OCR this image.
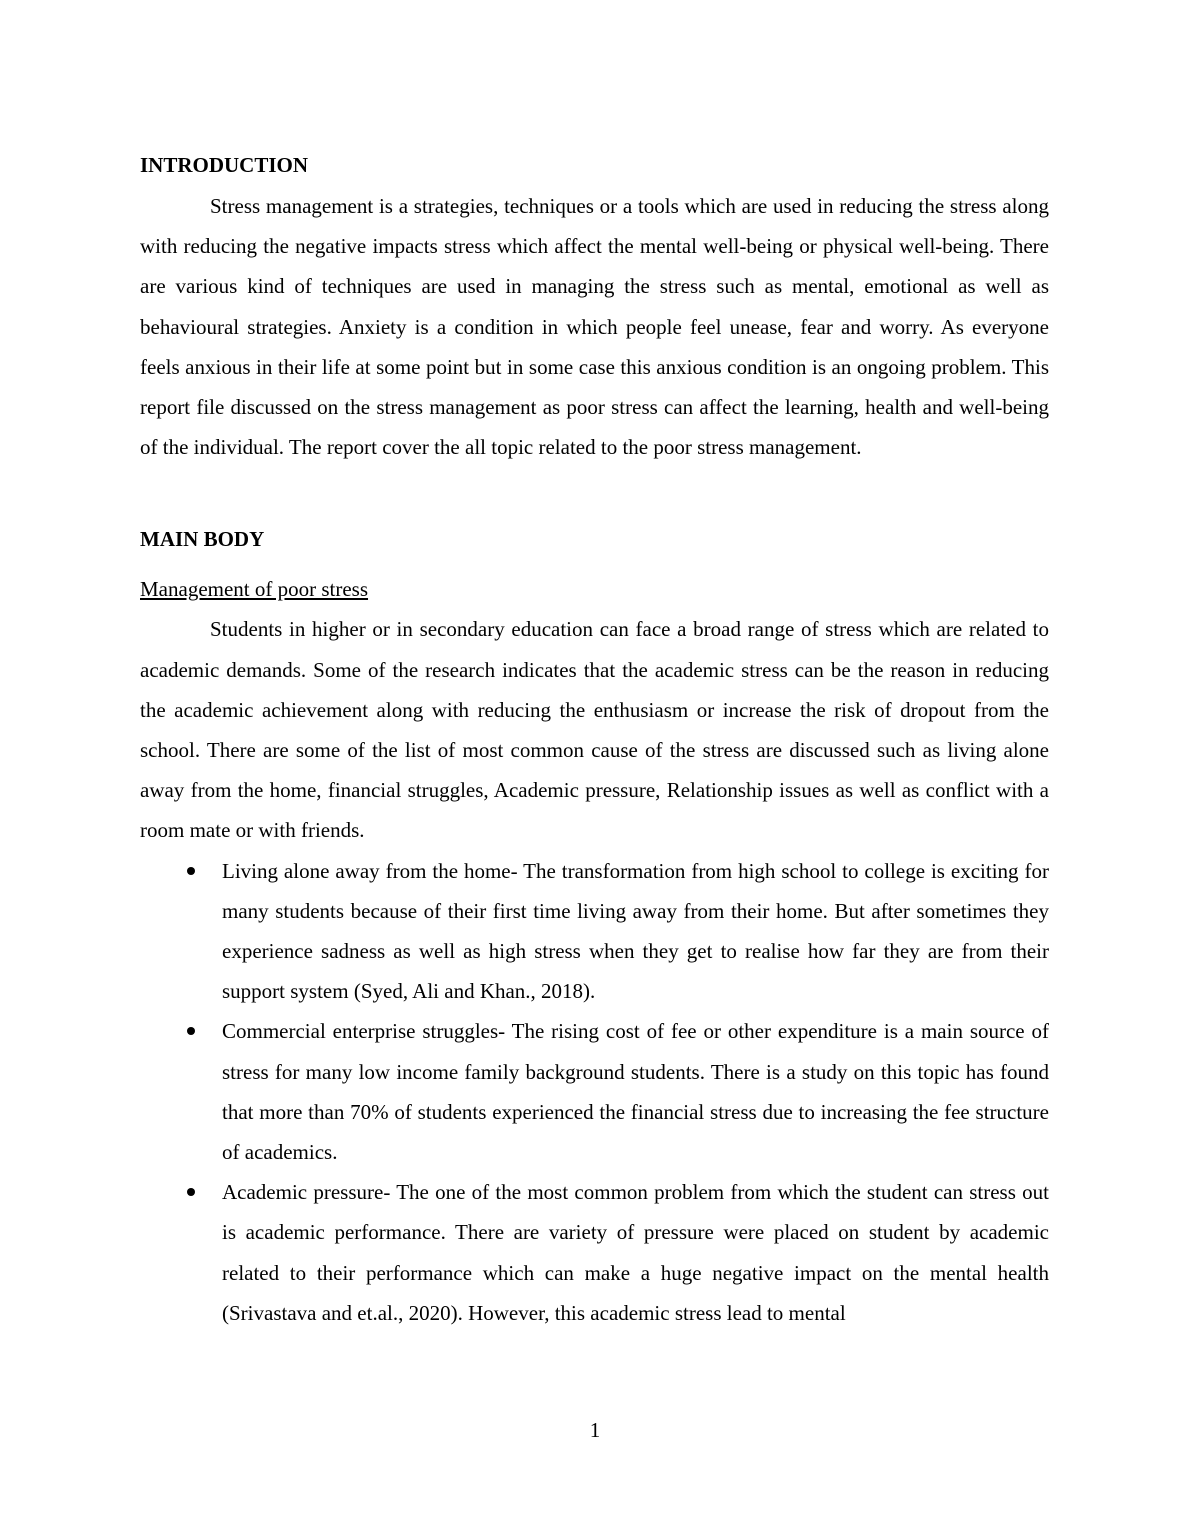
INTRODUCTION

Stress management is a strategies, techniques or a tools which are used in reducing the stress along with reducing the negative impacts stress which affect the mental well-being or physical well-being. There are various kind of techniques are used in managing the stress such as mental, emotional as well as behavioural strategies. Anxiety is a condition in which people feel unease, fear and worry. As everyone feels anxious in their life at some point but in some case this anxious condition is an ongoing problem. This report file discussed on the stress management as poor stress can affect the learning, health and well-being of the individual. The report cover the all topic related to the poor stress management.

MAIN BODY

Management of poor stress

Students in higher or in secondary education can face a broad range of stress which are related to academic demands. Some of the research indicates that the academic stress can be the reason in reducing the academic achievement along with reducing the enthusiasm or increase the risk of dropout from the school. There are some of the list of most common cause of the stress are discussed such as living alone away from the home, financial struggles, Academic pressure, Relationship issues as well as conflict with a room mate or with friends.

Living alone away from the home- The transformation from high school to college is exciting for many students because of their first time living away from their home. But after sometimes they experience sadness as well as high stress when they get to realise how far they are from their support system (Syed, Ali and Khan., 2018).
Commercial enterprise struggles- The rising cost of fee or other expenditure is a main source of stress for many low income family background students. There is a study on this topic has found that more than 70% of students experienced the financial stress due to increasing the fee structure of academics.
Academic pressure- The one of the most common problem from which the student can stress out is academic performance. There are variety of pressure were placed on student by academic related to their performance which can make a huge negative impact on the mental health (Srivastava and et.al., 2020). However, this academic stress lead to mental
1
